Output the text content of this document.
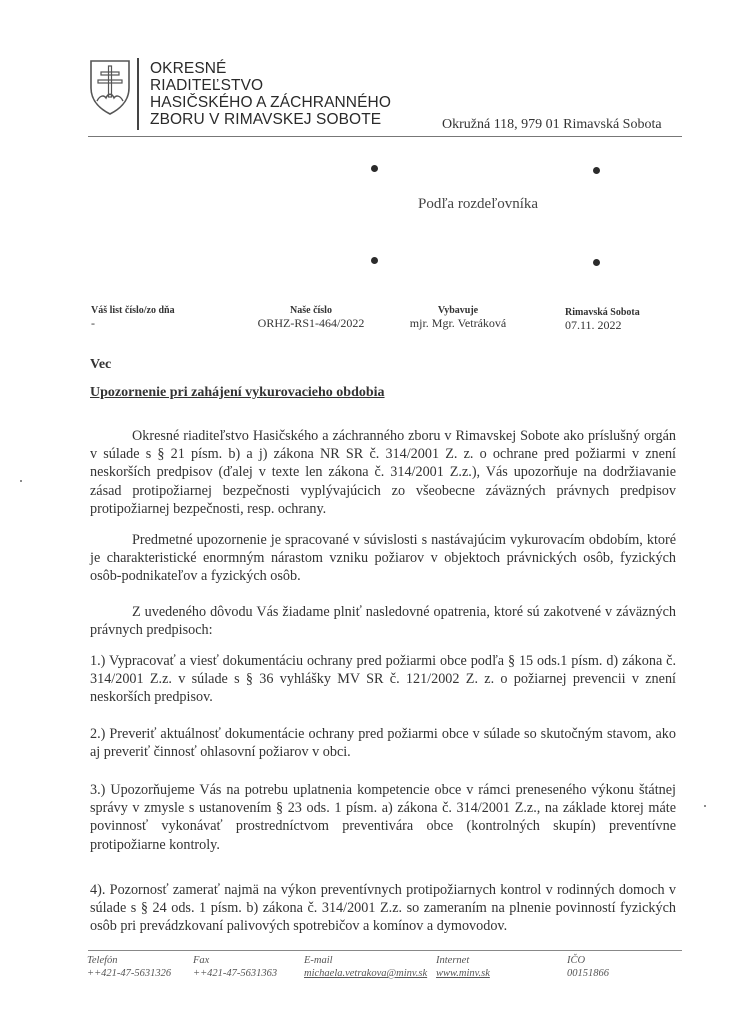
OKRESNÉ
RIADITEĽSTVO
HASIČSKÉHO A ZÁCHRANNÉHO
ZBORU V RIMAVSKEJ SOBOTE	Okružná 118, 979 01 Rimavská Sobota
Podľa rozdeľovníka
Váš list číslo/zo dňa
-
Naše číslo
ORHZ-RS1-464/2022
Vybavuje
mjr. Mgr. Vetráková
Rimavská Sobota
07.11. 2022
Vec
Upozornenie pri zahájení vykurovacieho obdobia
Okresné riaditeľstvo Hasičského a záchranného zboru v Rimavskej Sobote ako príslušný orgán v súlade s § 21 písm. b) a j) zákona NR SR č. 314/2001 Z. z. o ochrane pred požiarmi v znení neskorších predpisov (ďalej v texte len zákona č. 314/2001 Z.z.), Vás upozorňuje na dodržiavanie zásad protipožiarnej bezpečnosti vyplývajúcich zo všeobecne záväzných právnych predpisov protipožiarnej bezpečnosti, resp. ochrany.
Predmetné upozornenie je spracované v súvislosti s nastávajúcim vykurovacím obdobím, ktoré je charakteristické enormným nárastom vzniku požiarov v objektoch právnických osôb, fyzických osôb-podnikateľov a fyzických osôb.
Z uvedeného dôvodu Vás žiadame plniť nasledovné opatrenia, ktoré sú zakotvené v záväzných právnych predpisoch:
1.) Vypracovať a viesť dokumentáciu ochrany pred požiarmi obce podľa § 15 ods.1 písm. d) zákona č. 314/2001 Z.z. v súlade s § 36 vyhlášky MV SR č. 121/2002 Z. z. o požiarnej prevencii v znení neskorších predpisov.
2.) Preveriť aktuálnosť dokumentácie ochrany pred požiarmi obce v súlade so skutočným stavom, ako aj preveriť činnosť ohlasovní požiarov v obci.
3.) Upozorňujeme Vás na potrebu uplatnenia kompetencie obce v rámci preneseného výkonu štátnej správy v zmysle s ustanovením § 23 ods. 1 písm. a) zákona č. 314/2001 Z.z., na základe ktorej máte povinnosť vykonávať prostredníctvom preventivára obce (kontrolných skupín) preventívne protipožiarne kontroly.
4). Pozornosť zamerať najmä na výkon preventívnych protipožiarnych kontrol v rodinných domoch v súlade s § 24 ods. 1 písm. b) zákona č. 314/2001 Z.z. so zameraním na plnenie povinností fyzických osôb pri prevádzkovaní palivových spotrebičov a komínov a dymovodov.
Telefón
++421-47-5631326
Fax
++421-47-5631363
E-mail
michaela.vetrakova@minv.sk
Internet
www.minv.sk
IČO
00151866
